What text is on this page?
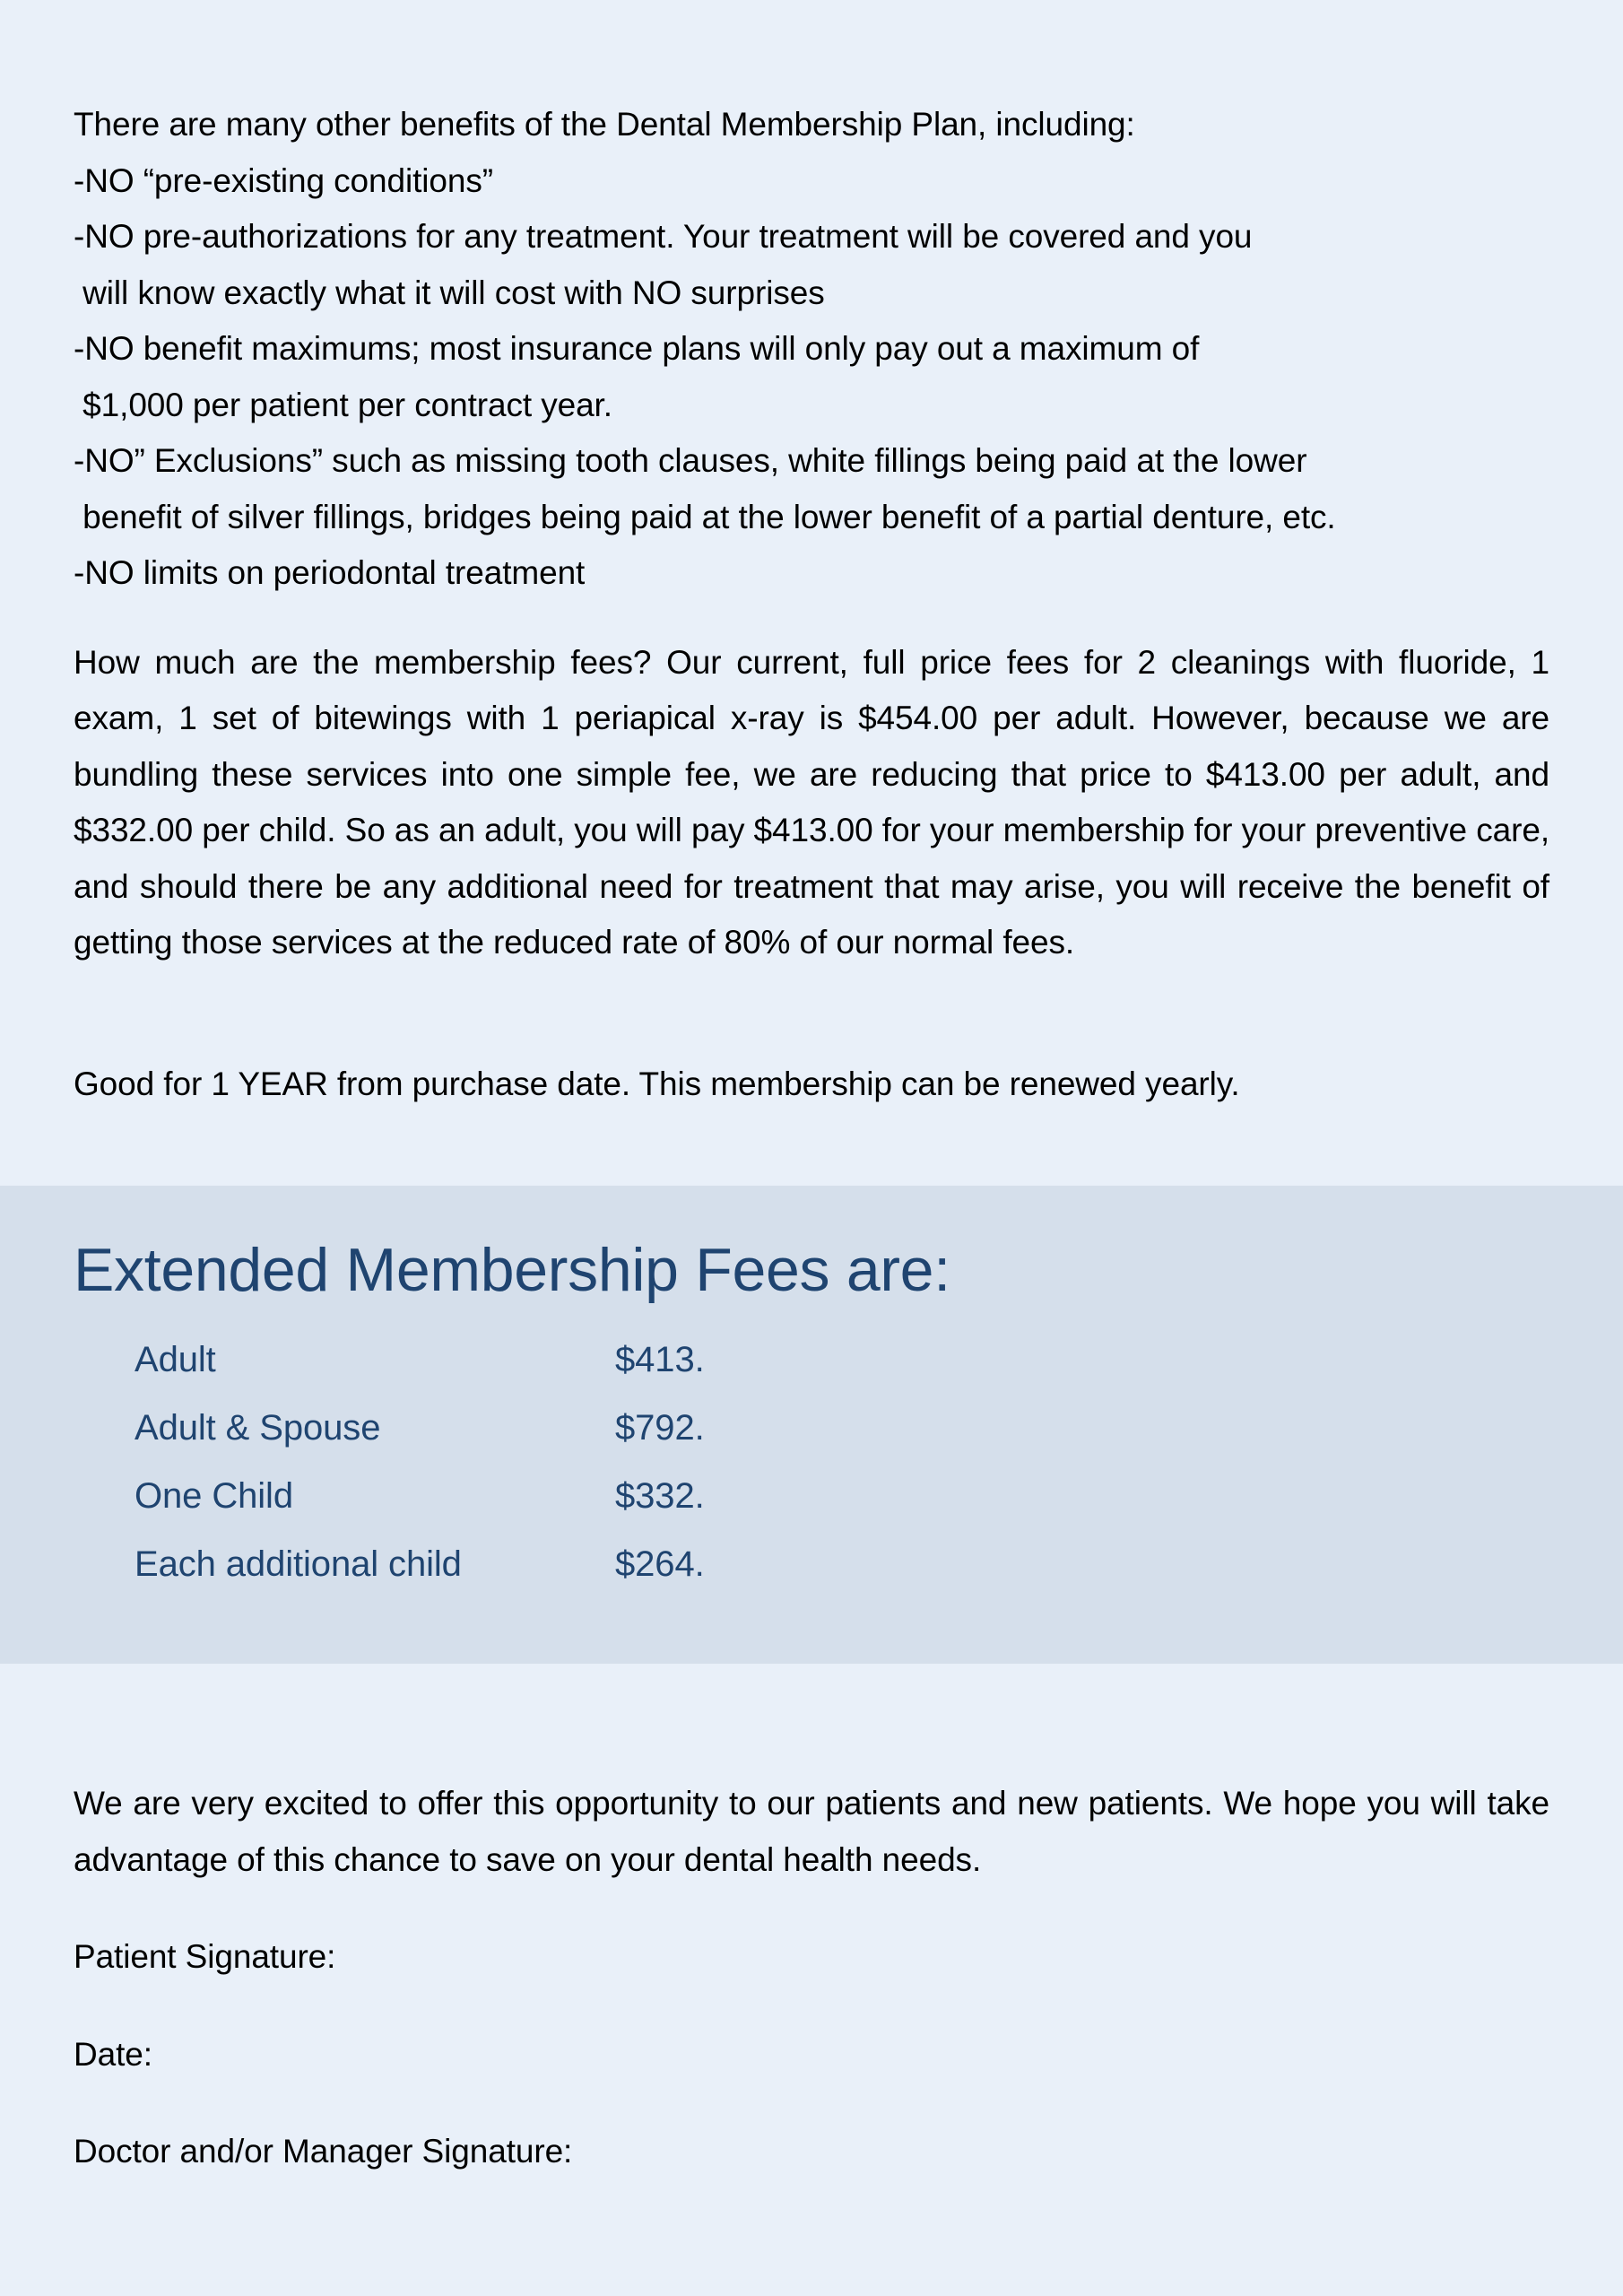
There are many other benefits of the Dental Membership Plan, including:
-NO “pre-existing conditions”
-NO pre-authorizations for any treatment. Your treatment will be covered and you
will know exactly what it will cost with NO surprises
-NO benefit maximums; most insurance plans will only pay out a maximum of
$1,000 per patient per contract year.
-NO” Exclusions” such as missing tooth clauses, white fillings being paid at the lower
benefit of silver fillings, bridges being paid at the lower benefit of a partial denture, etc.
-NO limits on periodontal treatment

How much are the membership fees? Our current, full price fees for 2 cleanings with fluoride, 1 exam, 1 set of bitewings with 1 periapical x-ray is $454.00 per adult. However, because we are bundling these services into one simple fee, we are reducing that price to $413.00 per adult, and $332.00 per child. So as an adult, you will pay $413.00 for your membership for your preventive care, and should there be any additional need for treatment that may arise, you will receive the benefit of getting those services at the reduced rate of 80% of our normal fees.

Good for 1 YEAR from purchase date. This membership can be renewed yearly.

Extended Membership Fees are:
Adult	$413.
Adult & Spouse	$792.
One Child	$332.
Each additional child	$264.

We are very excited to offer this opportunity to our patients and new patients. We hope you will take advantage of this chance to save on your dental health needs.

Patient Signature:

Date:

Doctor and/or Manager Signature:
